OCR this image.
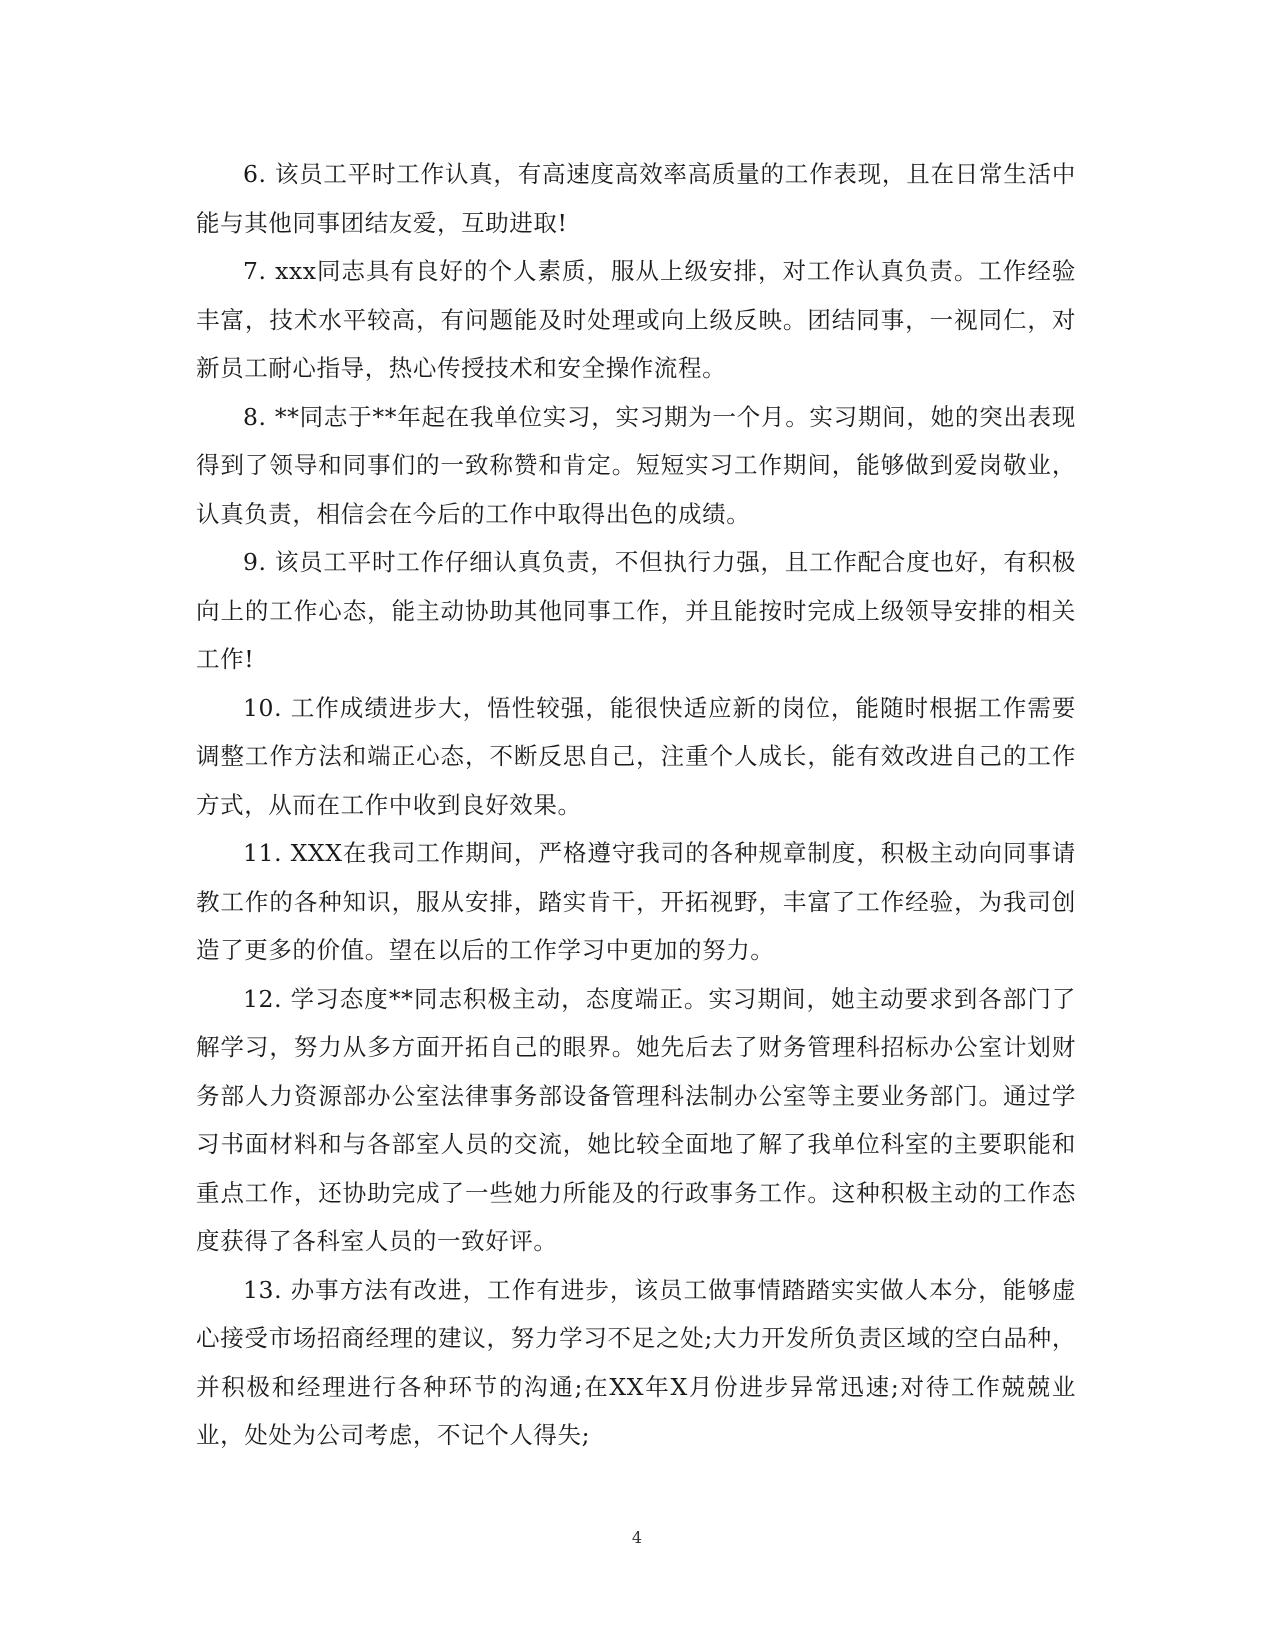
6. 该员工平时工作认真，有高速度高效率高质量的工作表现，且在日常生活中能与其他同事团结友爱，互助进取!

7. xxx同志具有良好的个人素质，服从上级安排，对工作认真负责。工作经验丰富，技术水平较高，有问题能及时处理或向上级反映。团结同事，一视同仁，对新员工耐心指导，热心传授技术和安全操作流程。

8. **同志于**年起在我单位实习，实习期为一个月。实习期间，她的突出表现得到了领导和同事们的一致称赞和肯定。短短实习工作期间，能够做到爱岗敬业，认真负责，相信会在今后的工作中取得出色的成绩。

9. 该员工平时工作仔细认真负责，不但执行力强，且工作配合度也好，有积极向上的工作心态，能主动协助其他同事工作，并且能按时完成上级领导安排的相关工作!

10. 工作成绩进步大，悟性较强，能很快适应新的岗位，能随时根据工作需要调整工作方法和端正心态，不断反思自己，注重个人成长，能有效改进自己的工作方式，从而在工作中收到良好效果。

11. XXX在我司工作期间，严格遵守我司的各种规章制度，积极主动向同事请教工作的各种知识，服从安排，踏实肯干，开拓视野，丰富了工作经验，为我司创造了更多的价值。望在以后的工作学习中更加的努力。

12. 学习态度**同志积极主动，态度端正。实习期间，她主动要求到各部门了解学习，努力从多方面开拓自己的眼界。她先后去了财务管理科招标办公室计划财务部人力资源部办公室法律事务部设备管理科法制办公室等主要业务部门。通过学习书面材料和与各部室人员的交流，她比较全面地了解了我单位科室的主要职能和重点工作，还协助完成了一些她力所能及的行政事务工作。这种积极主动的工作态度获得了各科室人员的一致好评。

13. 办事方法有改进，工作有进步，该员工做事情踏踏实实做人本分，能够虚心接受市场招商经理的建议，努力学习不足之处;大力开发所负责区域的空白品种，并积极和经理进行各种环节的沟通;在XX年X月份进步异常迅速;对待工作兢兢业业，处处为公司考虑，不记个人得失;

4
